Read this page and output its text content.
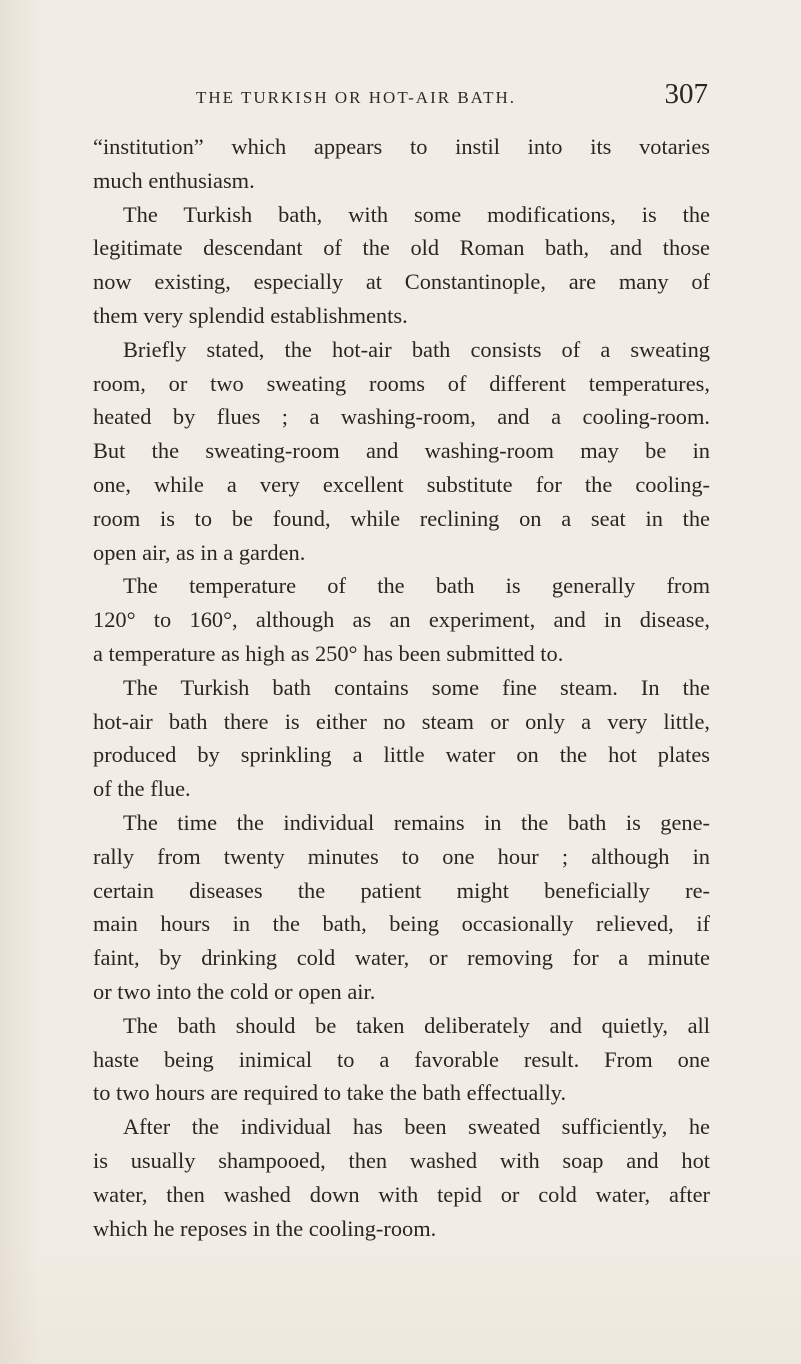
THE TURKISH OR HOT-AIR BATH.	307
“institution” which appears to instil into its votaries
much enthusiasm.
The Turkish bath, with some modifications, is the
legitimate descendant of the old Roman bath, and those
now existing, especially at Constantinople, are many of
them very splendid establishments.
Briefly stated, the hot-air bath consists of a sweating
room, or two sweating rooms of different temperatures,
heated by flues ; a washing-room, and a cooling-room.
But the sweating-room and washing-room may be in
one, while a very excellent substitute for the cooling-
room is to be found, while reclining on a seat in the
open air, as in a garden.
The temperature of the bath is generally from
120° to 160°, although as an experiment, and in disease,
a temperature as high as 250° has been submitted to.
The Turkish bath contains some fine steam. In the
hot-air bath there is either no steam or only a very little,
produced by sprinkling a little water on the hot plates
of the flue.
The time the individual remains in the bath is gene-
rally from twenty minutes to one hour ; although in
certain diseases the patient might beneficially re-
main hours in the bath, being occasionally relieved, if
faint, by drinking cold water, or removing for a minute
or two into the cold or open air.
The bath should be taken deliberately and quietly, all
haste being inimical to a favorable result. From one
to two hours are required to take the bath effectually.
After the individual has been sweated sufficiently, he
is usually shampooed, then washed with soap and hot
water, then washed down with tepid or cold water, after
which he reposes in the cooling-room.
